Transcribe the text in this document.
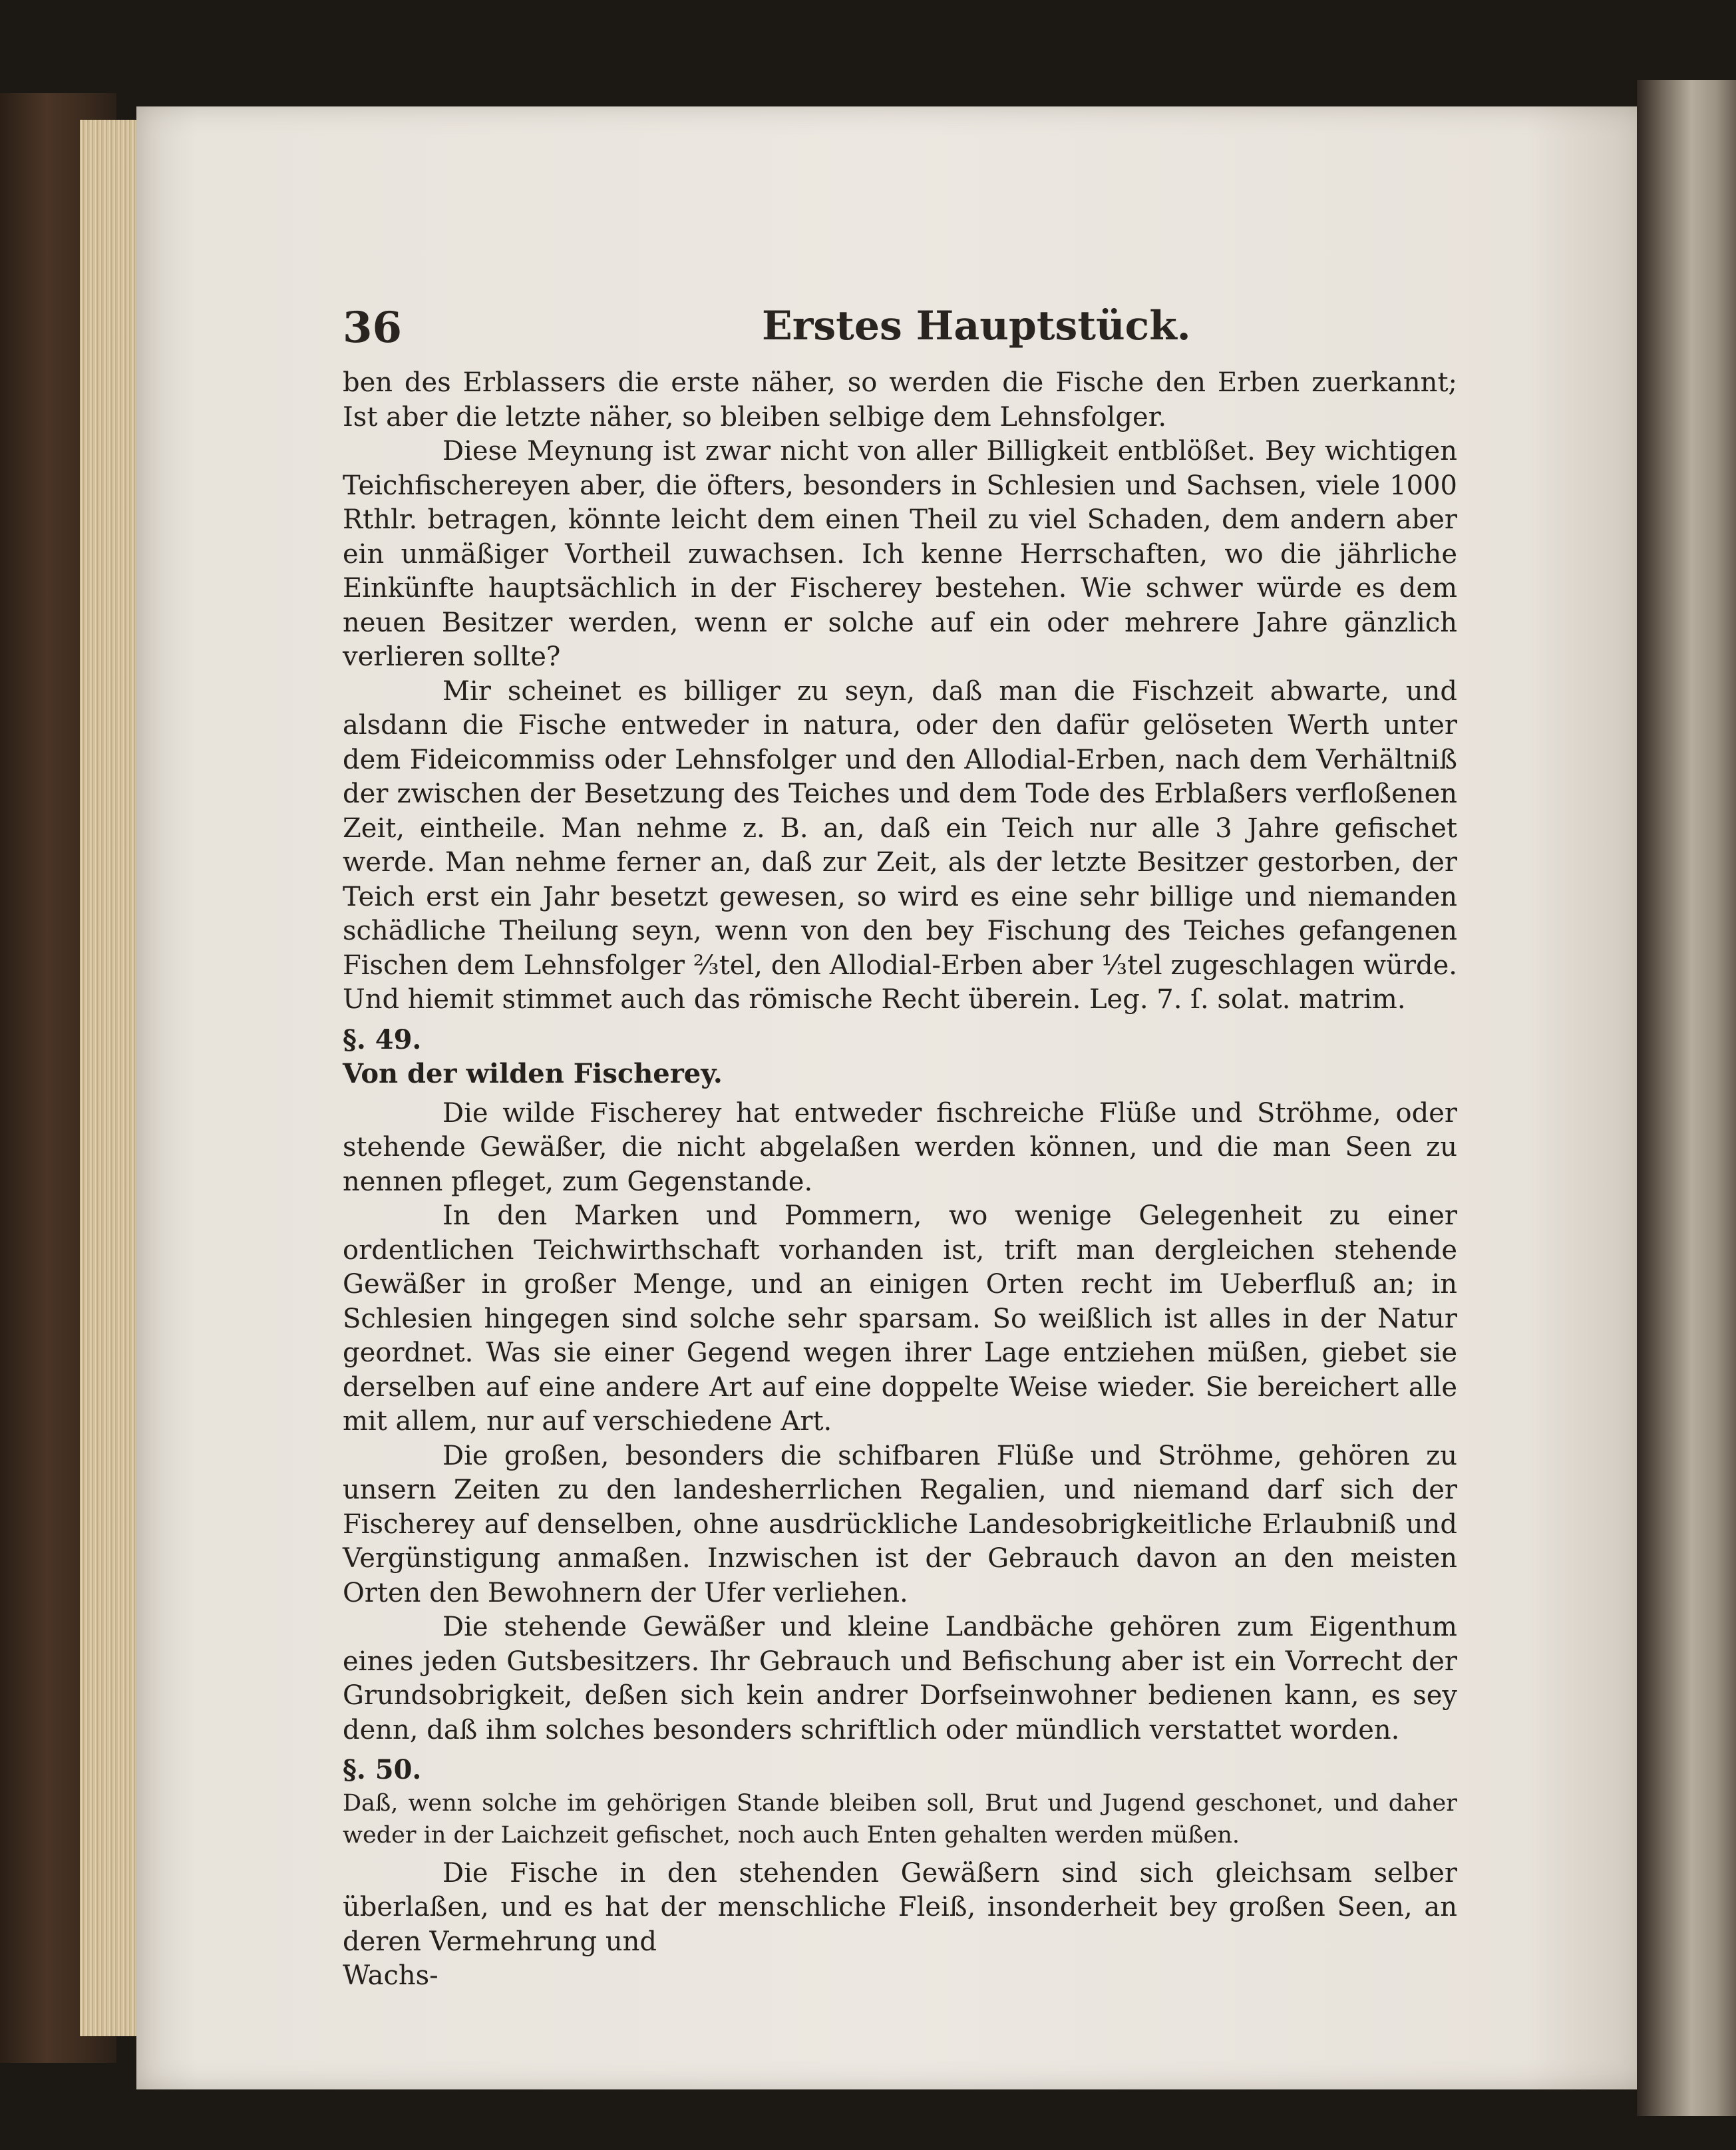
36	Erstes Hauptstück.

ben des Erblassers die erste näher, so werden die Fische den Erben zuerkannt; Ist aber die letzte näher, so bleiben selbige dem Lehnsfolger.

Diese Meynung ist zwar nicht von aller Billigkeit entblößet. Bey wichtigen Teichfischereyen aber, die öfters, besonders in Schlesien und Sachsen, viele 1000 Rthlr. betragen, könnte leicht dem einen Theil zu viel Schaden, dem andern aber ein unmäßiger Vortheil zuwachsen. Ich kenne Herrschaften, wo die jährliche Einkünfte hauptsächlich in der Fischerey bestehen. Wie schwer würde es dem neuen Besitzer werden, wenn er solche auf ein oder mehrere Jahre gänzlich verlieren sollte?

Mir scheinet es billiger zu seyn, daß man die Fischzeit abwarte, und alsdann die Fische entweder in natura, oder den dafür gelöseten Werth unter dem Fideicommiss oder Lehnsfolger und den Allodial-Erben, nach dem Verhältniß der zwischen der Besetzung des Teiches und dem Tode des Erblaßers verfloßenen Zeit, eintheile. Man nehme z. B. an, daß ein Teich nur alle 3 Jahre gefischet werde. Man nehme ferner an, daß zur Zeit, als der letzte Besitzer gestorben, der Teich erst ein Jahr besetzt gewesen, so wird es eine sehr billige und niemanden schädliche Theilung seyn, wenn von den bey Fischung des Teiches gefangenen Fischen dem Lehnsfolger ⅔tel, den Allodial-Erben aber ⅓tel zugeschlagen würde. Und hiemit stimmet auch das römische Recht überein. Leg. 7. ſ. solat. matrim.

§. 49.

Von der wilden Fischerey.

Die wilde Fischerey hat entweder fischreiche Flüße und Ströhme, oder stehende Gewäßer, die nicht abgelaßen werden können, und die man Seen zu nennen pfleget, zum Gegenstande.

In den Marken und Pommern, wo wenige Gelegenheit zu einer ordentlichen Teichwirthschaft vorhanden ist, trift man dergleichen stehende Gewäßer in großer Menge, und an einigen Orten recht im Ueberfluß an; in Schlesien hingegen sind solche sehr sparsam. So weißlich ist alles in der Natur geordnet. Was sie einer Gegend wegen ihrer Lage entziehen müßen, giebet sie derselben auf eine andere Art auf eine doppelte Weise wieder. Sie bereichert alle mit allem, nur auf verschiedene Art.

Die großen, besonders die schifbaren Flüße und Ströhme, gehören zu unsern Zeiten zu den landesherrlichen Regalien, und niemand darf sich der Fischerey auf denselben, ohne ausdrückliche Landesobrigkeitliche Erlaubniß und Vergünstigung anmaßen. Inzwischen ist der Gebrauch davon an den meisten Orten den Bewohnern der Ufer verliehen.

Die stehende Gewäßer und kleine Landbäche gehören zum Eigenthum eines jeden Gutsbesitzers. Ihr Gebrauch und Befischung aber ist ein Vorrecht der Grundsobrigkeit, deßen sich kein andrer Dorfseinwohner bedienen kann, es sey denn, daß ihm solches besonders schriftlich oder mündlich verstattet worden.

§. 50.

Daß, wenn solche im gehörigen Stande bleiben soll, Brut und Jugend geschonet, und daher weder in der Laichzeit gefischet, noch auch Enten gehalten werden müßen.

Die Fische in den stehenden Gewäßern sind sich gleichsam selber überlaßen, und es hat der menschliche Fleiß, insonderheit bey großen Seen, an deren Vermehrung und

Wachs-
